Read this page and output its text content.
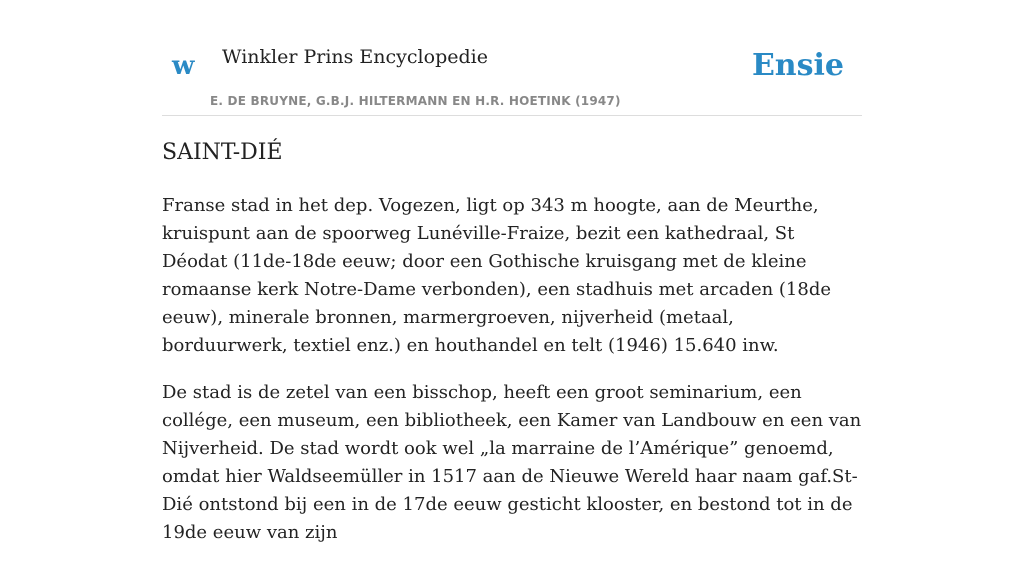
w Winkler Prins Encyclopedie
E. DE BRUYNE, G.B.J. HILTERMANN EN H.R. HOETINK (1947)
Ensie
SAINT-DIÉ

Franse stad in het dep. Vogezen, ligt op 343 m hoogte, aan de Meurthe, kruispunt aan de spoorweg Lunéville-Fraize, bezit een kathedraal, St Déodat (11de-18de eeuw; door een Gothische kruisgang met de kleine romaanse kerk Notre-Dame verbonden), een stadhuis met arcaden (18de eeuw), minerale bronnen, marmergroeven, nijverheid (metaal, borduurwerk, textiel enz.) en houthandel en telt (1946) 15.640 inw.

De stad is de zetel van een bisschop, heeft een groot seminarium, een collége, een museum, een bibliotheek, een Kamer van Landbouw en een van Nijverheid. De stad wordt ook wel „la marraine de l’Amérique” genoemd, omdat hier Waldseemüller in 1517 aan de Nieuwe Wereld haar naam gaf.St-Dié ontstond bij een in de 17de eeuw gesticht klooster, en bestond tot in de 19de eeuw van zijn
